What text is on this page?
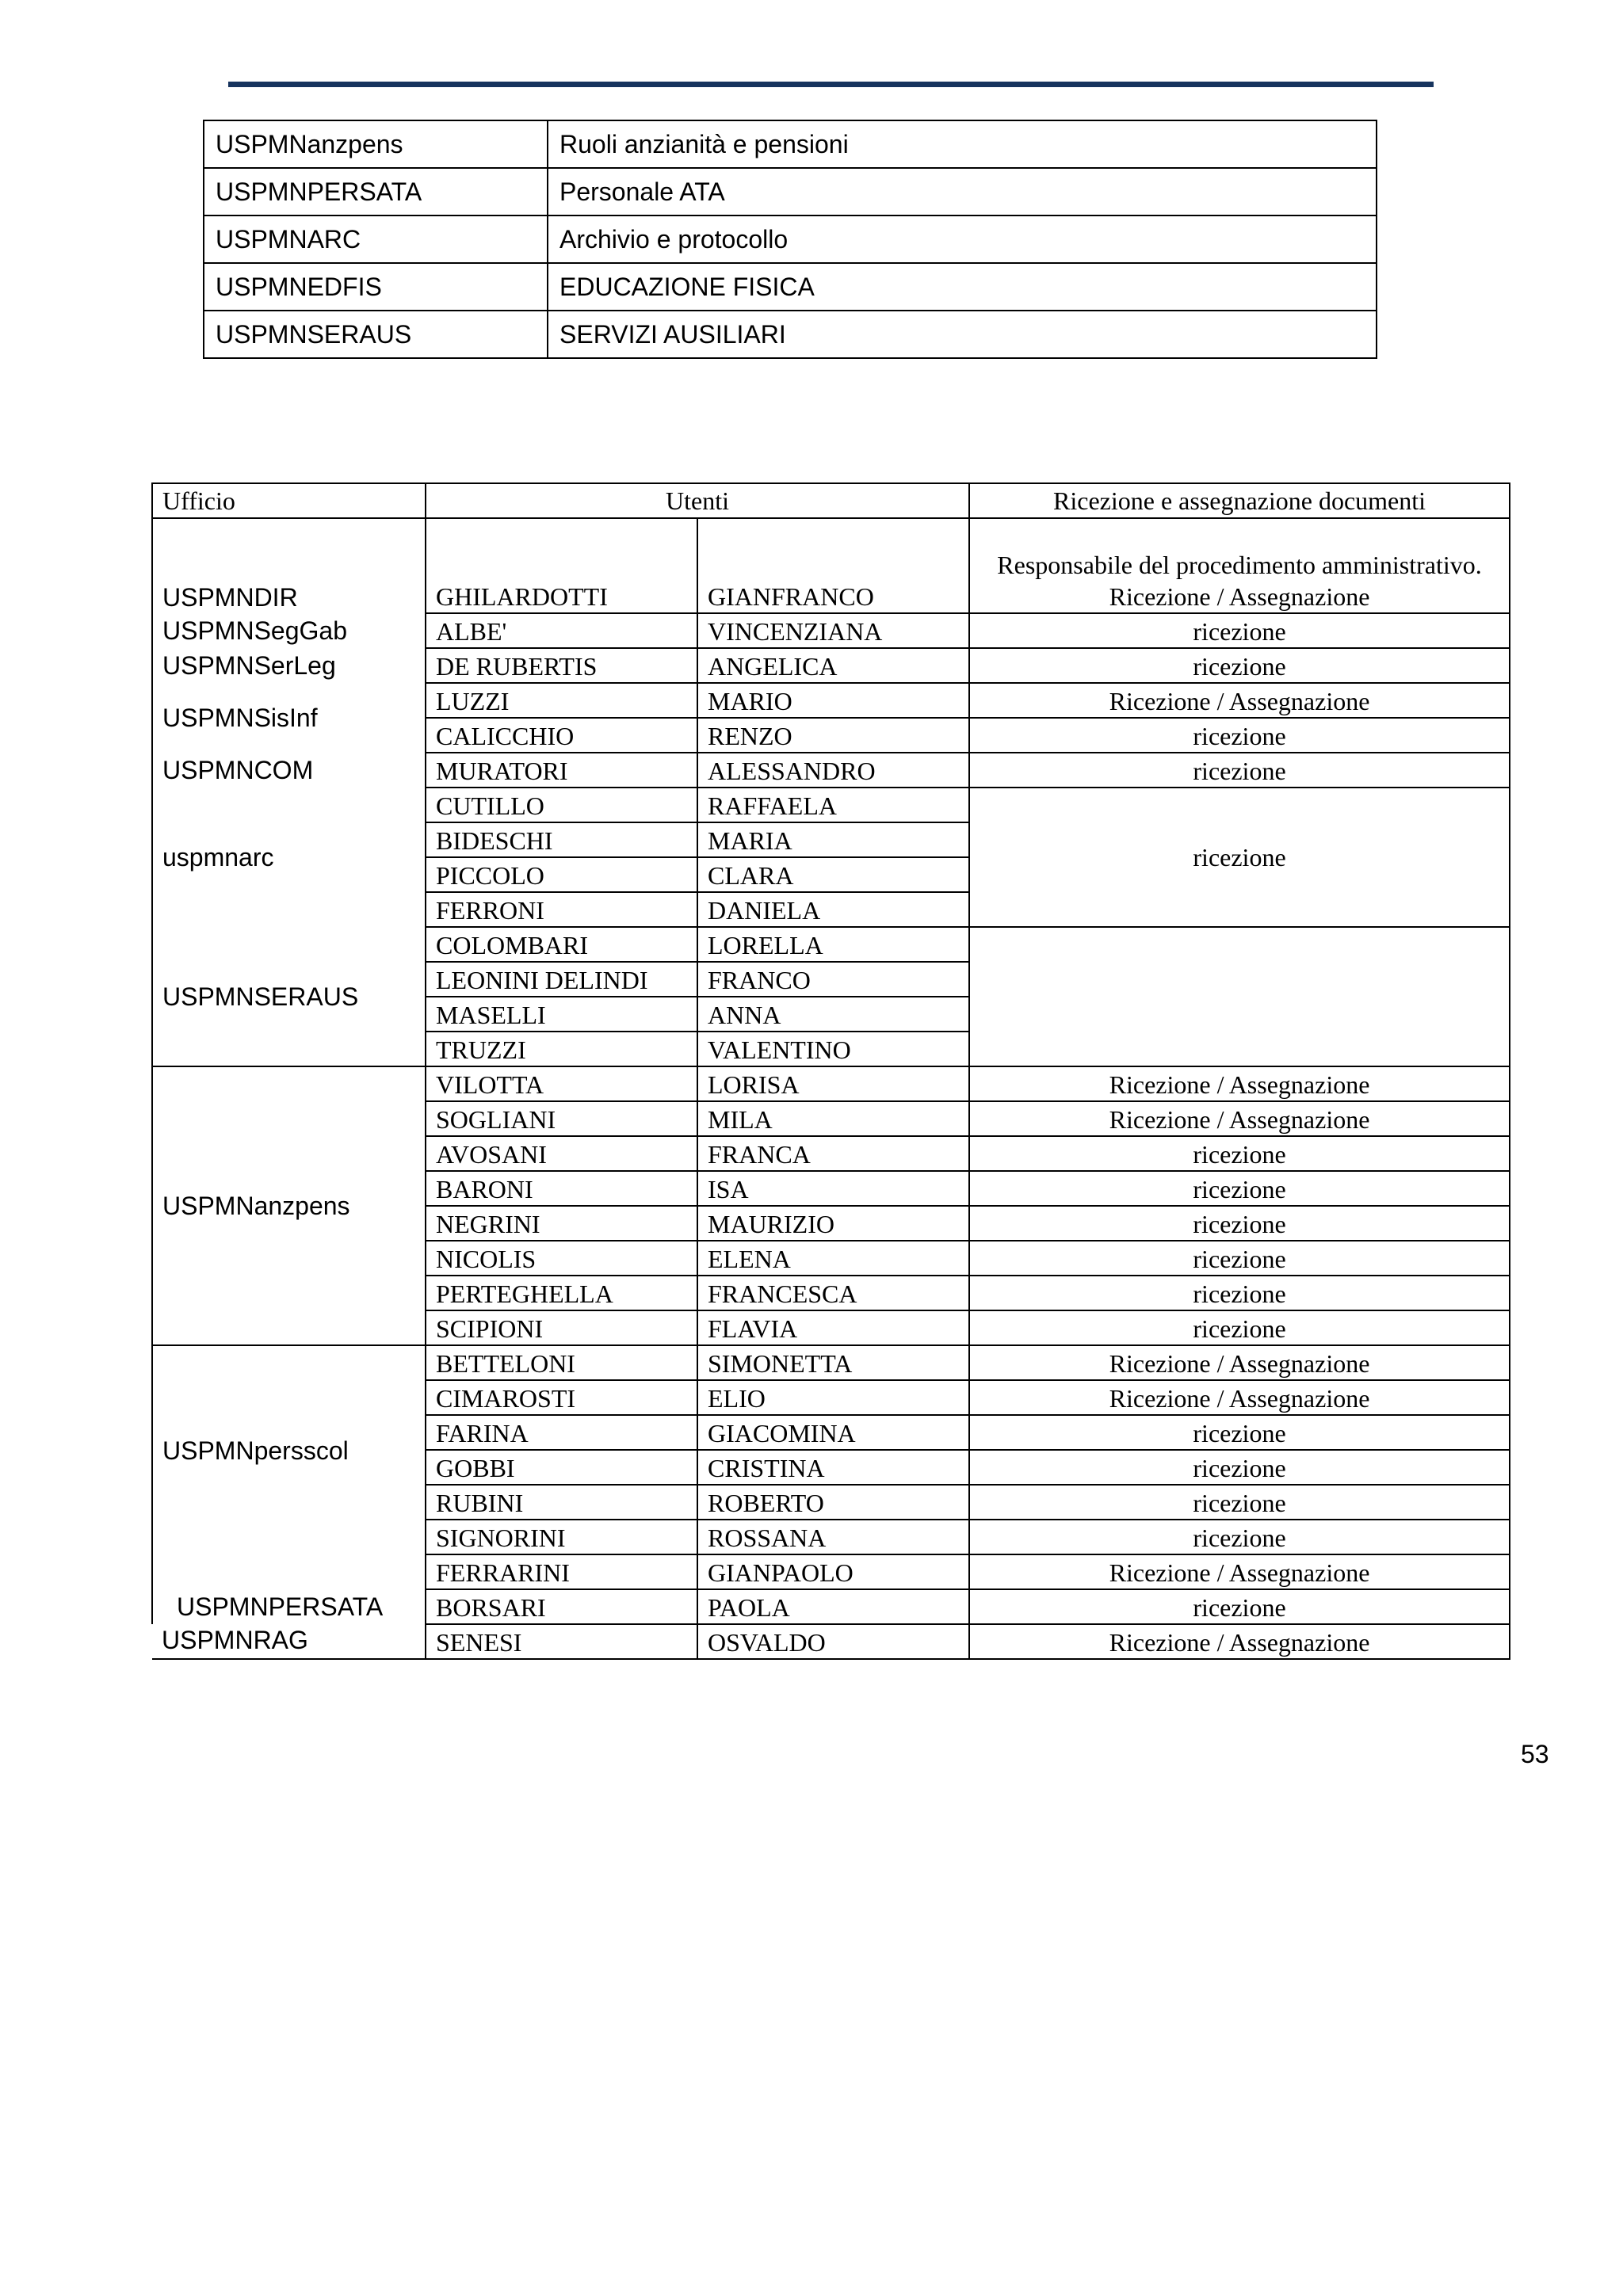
USPMNanzpens	Ruoli anzianità e pensioni
USPMNPERSATA	Personale ATA
USPMNARC	Archivio e protocollo
USPMNEDFIS	EDUCAZIONE FISICA
USPMNSERAUS	SERVIZI AUSILIARI
Ufficio	Utenti		Ricezione e assegnazione documenti
USPMNDIR	GHILARDOTTI	GIANFRANCO	Responsabile del procedimento amministrativo. Ricezione / Assegnazione
USPMNSegGab	ALBE'	VINCENZIANA	ricezione
USPMNSerLeg	DE RUBERTIS	ANGELICA	ricezione
USPMNSisInf	LUZZI	MARIO	Ricezione / Assegnazione
	CALICCHIO	RENZO	ricezione
USPMNCOM	MURATORI	ALESSANDRO	ricezione
uspmnarc	CUTILLO	RAFFAELA	ricezione
	BIDESCHI	MARIA	
	PICCOLO	CLARA	
	FERRONI	DANIELA	
USPMNSERAUS	COLOMBARI	LORELLA	
	LEONINI DELINDI	FRANCO	
	MASELLI	ANNA	
	TRUZZI	VALENTINO	
USPMNanzpens	VILOTTA	LORISA	Ricezione / Assegnazione
	SOGLIANI	MILA	Ricezione / Assegnazione
	AVOSANI	FRANCA	ricezione
	BARONI	ISA	ricezione
	NEGRINI	MAURIZIO	ricezione
	NICOLIS	ELENA	ricezione
	PERTEGHELLA	FRANCESCA	ricezione
	SCIPIONI	FLAVIA	ricezione
USPMNpersscol	BETTELONI	SIMONETTA	Ricezione / Assegnazione
	CIMAROSTI	ELIO	Ricezione / Assegnazione
	FARINA	GIACOMINA	ricezione
	GOBBI	CRISTINA	ricezione
	RUBINI	ROBERTO	ricezione
	SIGNORINI	ROSSANA	ricezione
	FERRARINI	GIANPAOLO	Ricezione / Assegnazione
USPMNPERSATA	BORSARI	PAOLA	ricezione
USPMNRAG	SENESI	OSVALDO	Ricezione / Assegnazione
53
